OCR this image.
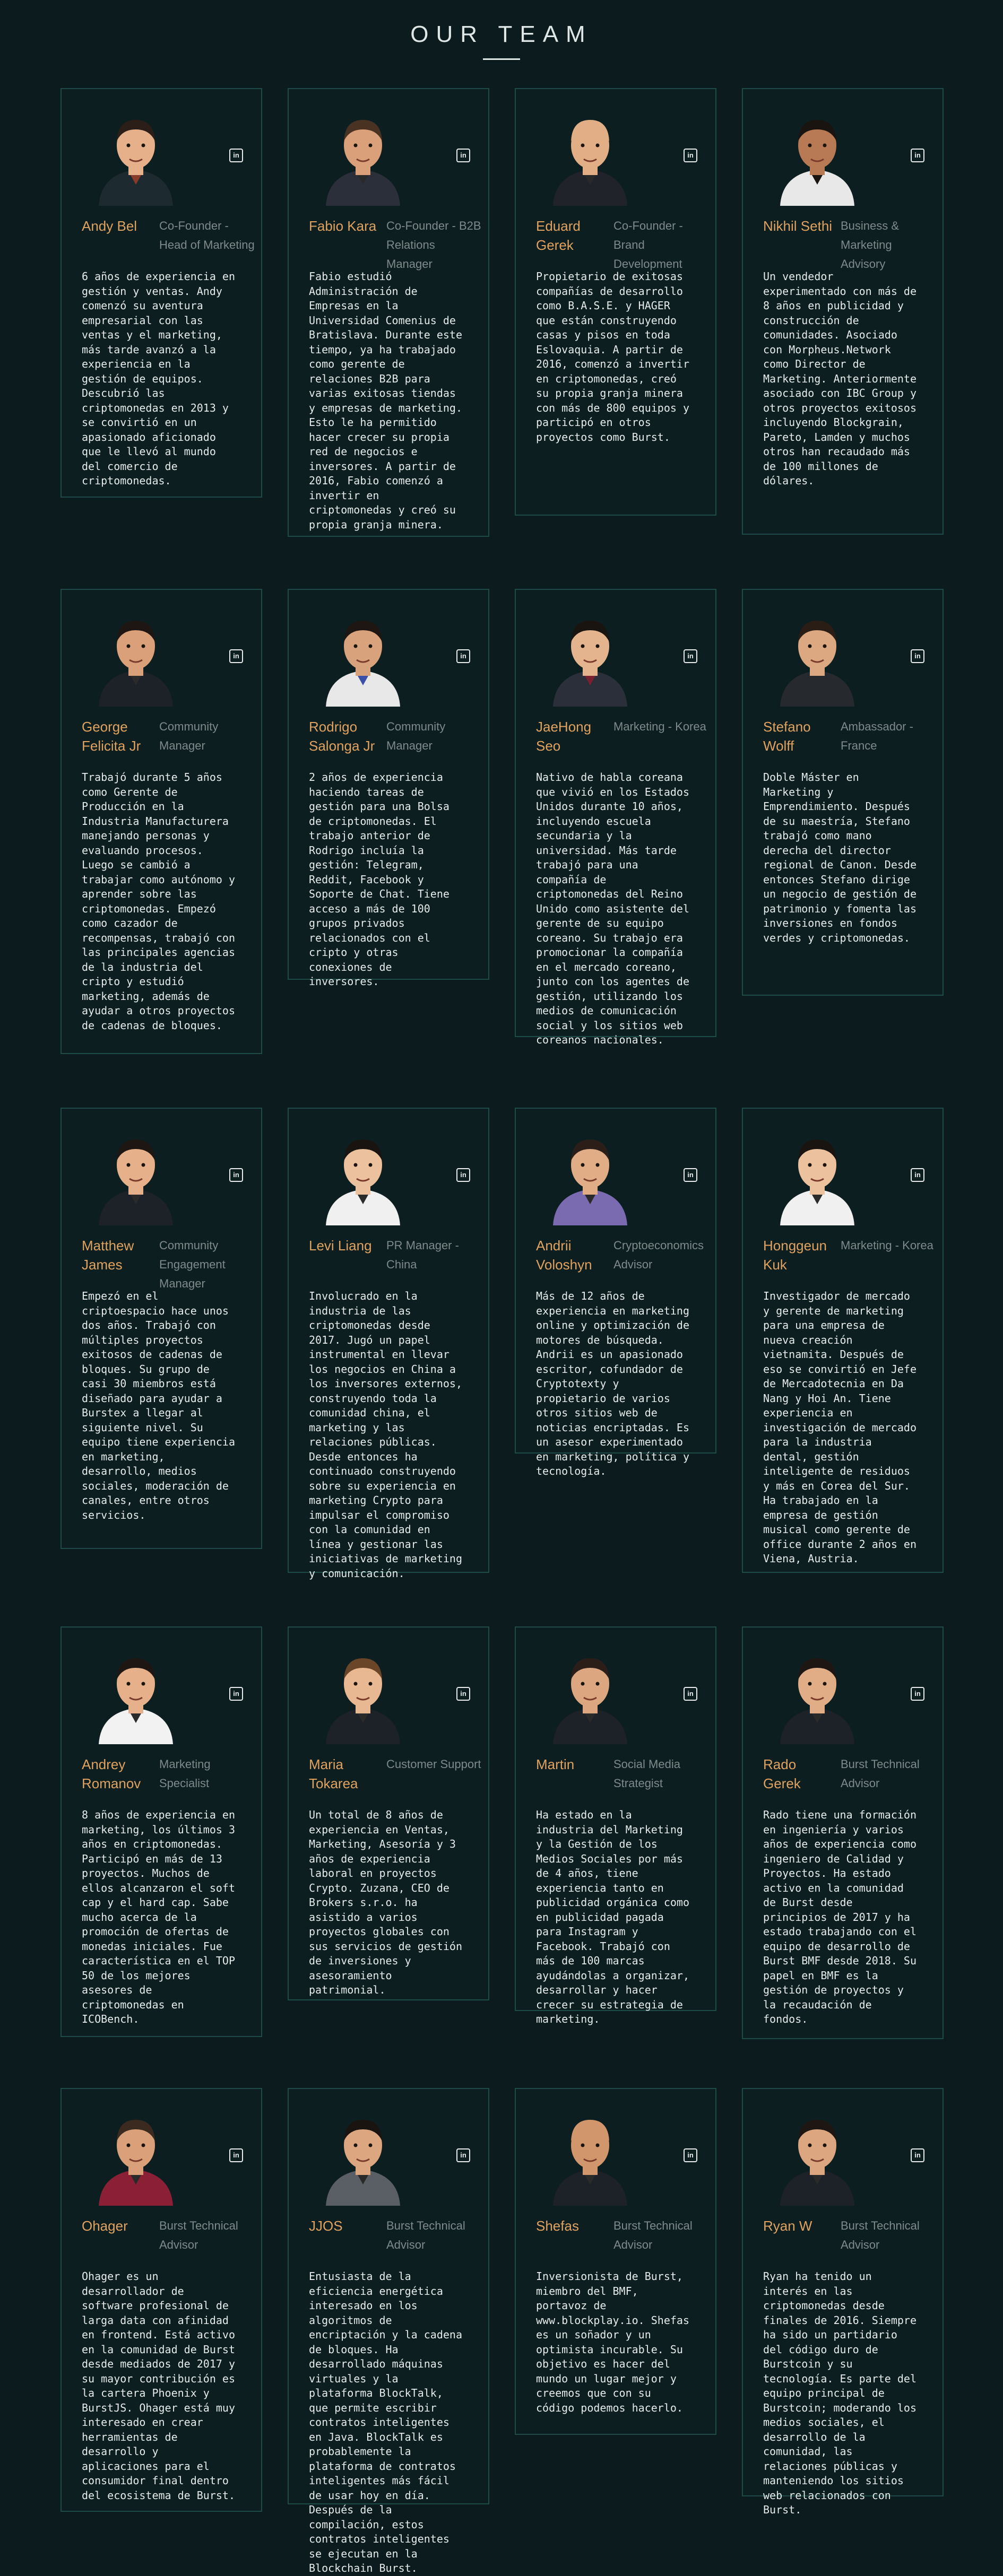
OUR TEAM
in
Andy Bel	Co-Founder - Head of Marketing
6 años de experiencia en gestión y ventas. Andy comenzó su aventura empresarial con las ventas y el marketing, más tarde avanzó a la experiencia en la gestión de equipos. Descubrió las criptomonedas en 2013 y se convirtió en un apasionado aficionado que le llevó al mundo del comercio de criptomonedas.
in
Fabio Kara Co-Founder - B2B Relations Manager
Fabio estudió Administración de Empresas en la Universidad Comenius de Bratislava. Durante este tiempo, ya ha trabajado como gerente de relaciones B2B para varias exitosas tiendas y empresas de marketing. Esto le ha permitido hacer crecer su propia red de negocios e inversores. A partir de 2016, Fabio comenzó a invertir en criptomonedas y creó su propia granja minera.
in
Eduard Gerek
Co-Founder - Brand Development
Propietario de exitosas compañías de desarrollo como B.A.S.E. y HAGER que están construyendo casas y pisos en toda Eslovaquia. A partir de 2016, comenzó a invertir en criptomonedas, creó su propia granja minera con más de 800 equipos y participó en otros proyectos como Burst.
in
Nikhil Sethi Business & Marketing Advisory
Un vendedor experimentado con más de 8 años en publicidad y construcción de comunidades. Asociado con Morpheus.Network como Director de Marketing. Anteriormente asociado con IBC Group y otros proyectos exitosos incluyendo Blockgrain, Pareto, Lamden y muchos otros han recaudado más de 100 millones de dólares.
in
George Felicita Jr
Community Manager
Trabajó durante 5 años como Gerente de Producción en la Industria Manufacturera manejando personas y evaluando procesos. Luego se cambió a trabajar como autónomo y aprender sobre las criptomonedas. Empezó como cazador de recompensas, trabajó con las principales agencias de la industria del cripto y estudió marketing, además de ayudar a otros proyectos de cadenas de bloques.
in
Rodrigo Salonga Jr
Community Manager
2 años de experiencia haciendo tareas de gestión para una Bolsa de criptomonedas. El trabajo anterior de Rodrigo incluía la gestión: Telegram, Reddit, Facebook y Soporte de Chat. Tiene acceso a más de 100 grupos privados relacionados con el cripto y otras conexiones de inversores.
in
JaeHong Seo
Marketing - Korea
Nativo de habla coreana que vivió en los Estados Unidos durante 10 años, incluyendo escuela secundaria y la universidad. Más tarde trabajó para una compañía de criptomonedas del Reino Unido como asistente del gerente de su equipo coreano. Su trabajo era promocionar la compañía en el mercado coreano, junto con los agentes de gestión, utilizando los medios de comunicación social y los sitios web coreanos nacionales.
in
Stefano Wolff
Ambassador - France
Doble Máster en Marketing y Emprendimiento. Después de su maestría, Stefano trabajó como mano derecha del director regional de Canon. Desde entonces Stefano dirige un negocio de gestión de patrimonio y fomenta las inversiones en fondos verdes y criptomonedas.
in
Matthew James
Community Engagement Manager
Empezó en el criptoespacio hace unos dos años. Trabajó con múltiples proyectos exitosos de cadenas de bloques. Su grupo de casi 30 miembros está diseñado para ayudar a Burstex a llegar al siguiente nivel. Su equipo tiene experiencia en marketing, desarrollo, medios sociales, moderación de canales, entre otros servicios.
in
Levi Liang	PR Manager - China
Involucrado en la industria de las criptomonedas desde 2017. Jugó un papel instrumental en llevar los negocios en China a los inversores externos, construyendo toda la comunidad china, el marketing y las relaciones públicas. Desde entonces ha continuado construyendo sobre su experiencia en marketing Crypto para impulsar el compromiso con la comunidad en línea y gestionar las iniciativas de marketing y comunicación.
in
Andrii Voloshyn
Cryptoeconomics Advisor
Más de 12 años de experiencia en marketing online y optimización de motores de búsqueda. Andrii es un apasionado escritor, cofundador de Cryptotexty y propietario de varios otros sitios web de noticias encriptadas. Es un asesor experimentado en marketing, política y tecnología.
in
Honggeun Kuk
Marketing - Korea
Investigador de mercado y gerente de marketing para una empresa de nueva creación vietnamita. Después de eso se convirtió en Jefe de Mercadotecnia en Da Nang y Hoi An. Tiene experiencia en investigación de mercado para la industria dental, gestión inteligente de residuos y más en Corea del Sur. Ha trabajado en la empresa de gestión musical como gerente de office durante 2 años en Viena, Austria.
in
Andrey Romanov
Marketing Specialist
8 años de experiencia en marketing, los últimos 3 años en criptomonedas. Participó en más de 13 proyectos. Muchos de ellos alcanzaron el soft cap y el hard cap. Sabe mucho acerca de la promoción de ofertas de monedas iniciales. Fue característica en el TOP 50 de los mejores asesores de criptomonedas en ICOBench.
in
Maria Tokarea
Customer Support
Un total de 8 años de experiencia en Ventas, Marketing, Asesoría y 3 años de experiencia laboral en proyectos Crypto. Zuzana, CEO de Brokers s.r.o. ha asistido a varios proyectos globales con sus servicios de gestión de inversiones y asesoramiento patrimonial.
in
Martin	Social Media Strategist
Ha estado en la industria del Marketing y la Gestión de los Medios Sociales por más de 4 años, tiene experiencia tanto en publicidad orgánica como en publicidad pagada para Instagram y Facebook. Trabajó con más de 100 marcas ayudándolas a organizar, desarrollar y hacer crecer su estrategia de marketing.
in
Rado Gerek
Burst Technical Advisor
Rado tiene una formación en ingeniería y varios años de experiencia como ingeniero de Calidad y Proyectos. Ha estado activo en la comunidad de Burst desde principios de 2017 y ha estado trabajando con el equipo de desarrollo de Burst BMF desde 2018. Su papel en BMF es la gestión de proyectos y la recaudación de fondos.
in
Ohager	Burst Technical Advisor
Ohager es un desarrollador de software profesional de larga data con afinidad en frontend. Está activo en la comunidad de Burst desde mediados de 2017 y su mayor contribución es la cartera Phoenix y BurstJS. Ohager está muy interesado en crear herramientas de desarrollo y aplicaciones para el consumidor final dentro del ecosistema de Burst.
in
JJOS	Burst Technical Advisor
Entusiasta de la eficiencia energética interesado en los algoritmos de encriptación y la cadena de bloques. Ha desarrollado máquinas virtuales y la plataforma BlockTalk, que permite escribir contratos inteligentes en Java. BlockTalk es probablemente la plataforma de contratos inteligentes más fácil de usar hoy en día. Después de la compilación, estos contratos inteligentes se ejecutan en la Blockchain Burst.
in
Shefas	Burst Technical Advisor
Inversionista de Burst, miembro del BMF, portavoz de www.blockplay.io. Shefas es un soñador y un optimista incurable. Su objetivo es hacer del mundo un lugar mejor y creemos que con su código podemos hacerlo.
in
Ryan W	Burst Technical Advisor
Ryan ha tenido un interés en las criptomonedas desde finales de 2016. Siempre ha sido un partidario del código duro de Burstcoin y su tecnología. Es parte del equipo principal de Burstcoin; moderando los medios sociales, el desarrollo de la comunidad, las relaciones públicas y manteniendo los sitios web relacionados con Burst.
